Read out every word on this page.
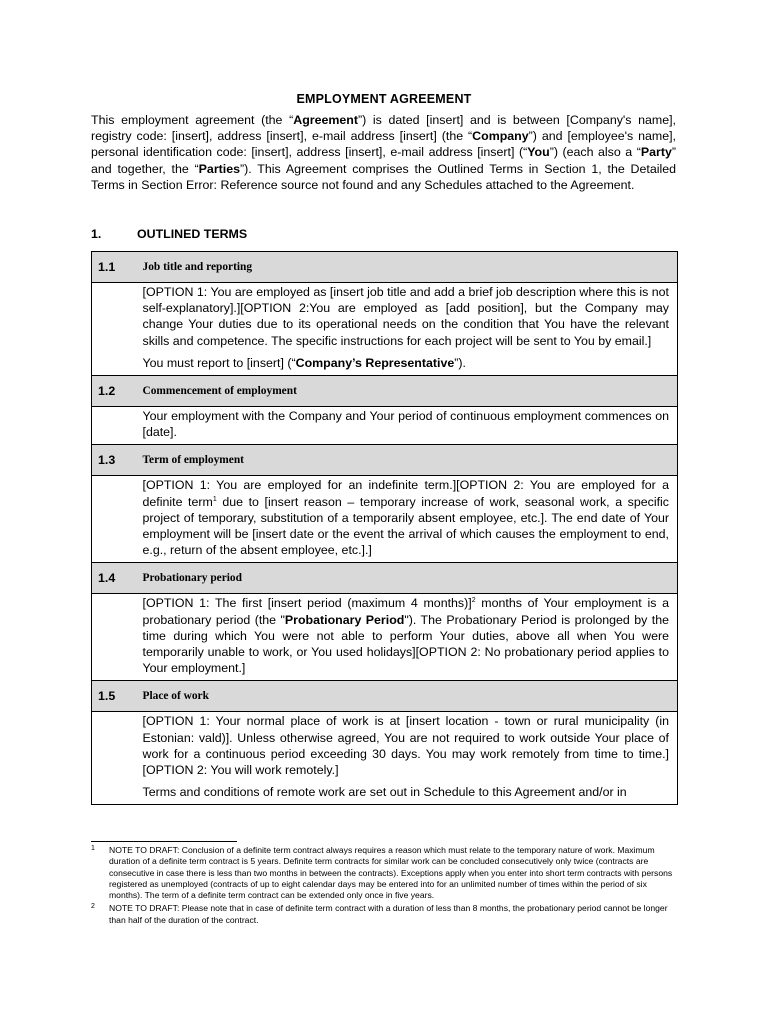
EMPLOYMENT AGREEMENT

This employment agreement (the “Agreement”) is dated [insert] and is between [Company's name], registry code: [insert], address [insert], e-mail address [insert] (the “Company”) and [employee's name], personal identification code: [insert], address [insert], e-mail address [insert] (“You”) (each also a “Party” and together, the “Parties”). This Agreement comprises the Outlined Terms in Section 1, the Detailed Terms in Section Error: Reference source not found and any Schedules attached to the Agreement.

1.	OUTLINED TERMS
1.1	Job title and reporting

	[OPTION 1: You are employed as [insert job title and add a brief job description where this is not self-explanatory].][OPTION 2:You are employed as [add position], but the Company may change Your duties due to its operational needs on the condition that You have the relevant skills and competence. The specific instructions for each project will be sent to You by email.]

You must report to [insert] (“Company’s Representative”).

1.2	Commencement of employment

	Your employment with the Company and Your period of continuous employment commences on [date].

1.3	Term of employment

	[OPTION 1: You are employed for an indefinite term.][OPTION 2: You are employed for a definite term$^1$ due to [insert reason – temporary increase of work, seasonal work, a specific project of temporary, substitution of a temporarily absent employee, etc.]. The end date of Your employment will be [insert date or the event the arrival of which causes the employment to end, e.g., return of the absent employee, etc.].]

1.4	Probationary period

	[OPTION 1: The first [insert period (maximum 4 months)]$^2$ months of Your employment is a probationary period (the "Probationary Period"). The Probationary Period is prolonged by the time during which You were not able to perform Your duties, above all when You were temporarily unable to work, or You used holidays][OPTION 2: No probationary period applies to Your employment.]

1.5	Place of work

	[OPTION 1: Your normal place of work is at [insert location - town or rural municipality (in Estonian: vald)]. Unless otherwise agreed, You are not required to work outside Your place of work for a continuous period exceeding 30 days. You may work remotely from time to time.][OPTION 2: You will work remotely.]

Terms and conditions of remote work are set out in Schedule to this Agreement and/or in

1 NOTE TO DRAFT: Conclusion of a definite term contract always requires a reason which must relate to the temporary nature of work. Maximum duration of a definite term contract is 5 years. Definite term contracts for similar work can be concluded consecutively only twice (contracts are consecutive in case there is less than two months in between the contracts). Exceptions apply when you enter into short term contracts with persons registered as unemployed (contracts of up to eight calendar days may be entered into for an unlimited number of times within the period of six months). The term of a definite term contract can be extended only once in five years.
2 NOTE TO DRAFT: Please note that in case of definite term contract with a duration of less than 8 months, the probationary period cannot be longer than half of the duration of the contract.
